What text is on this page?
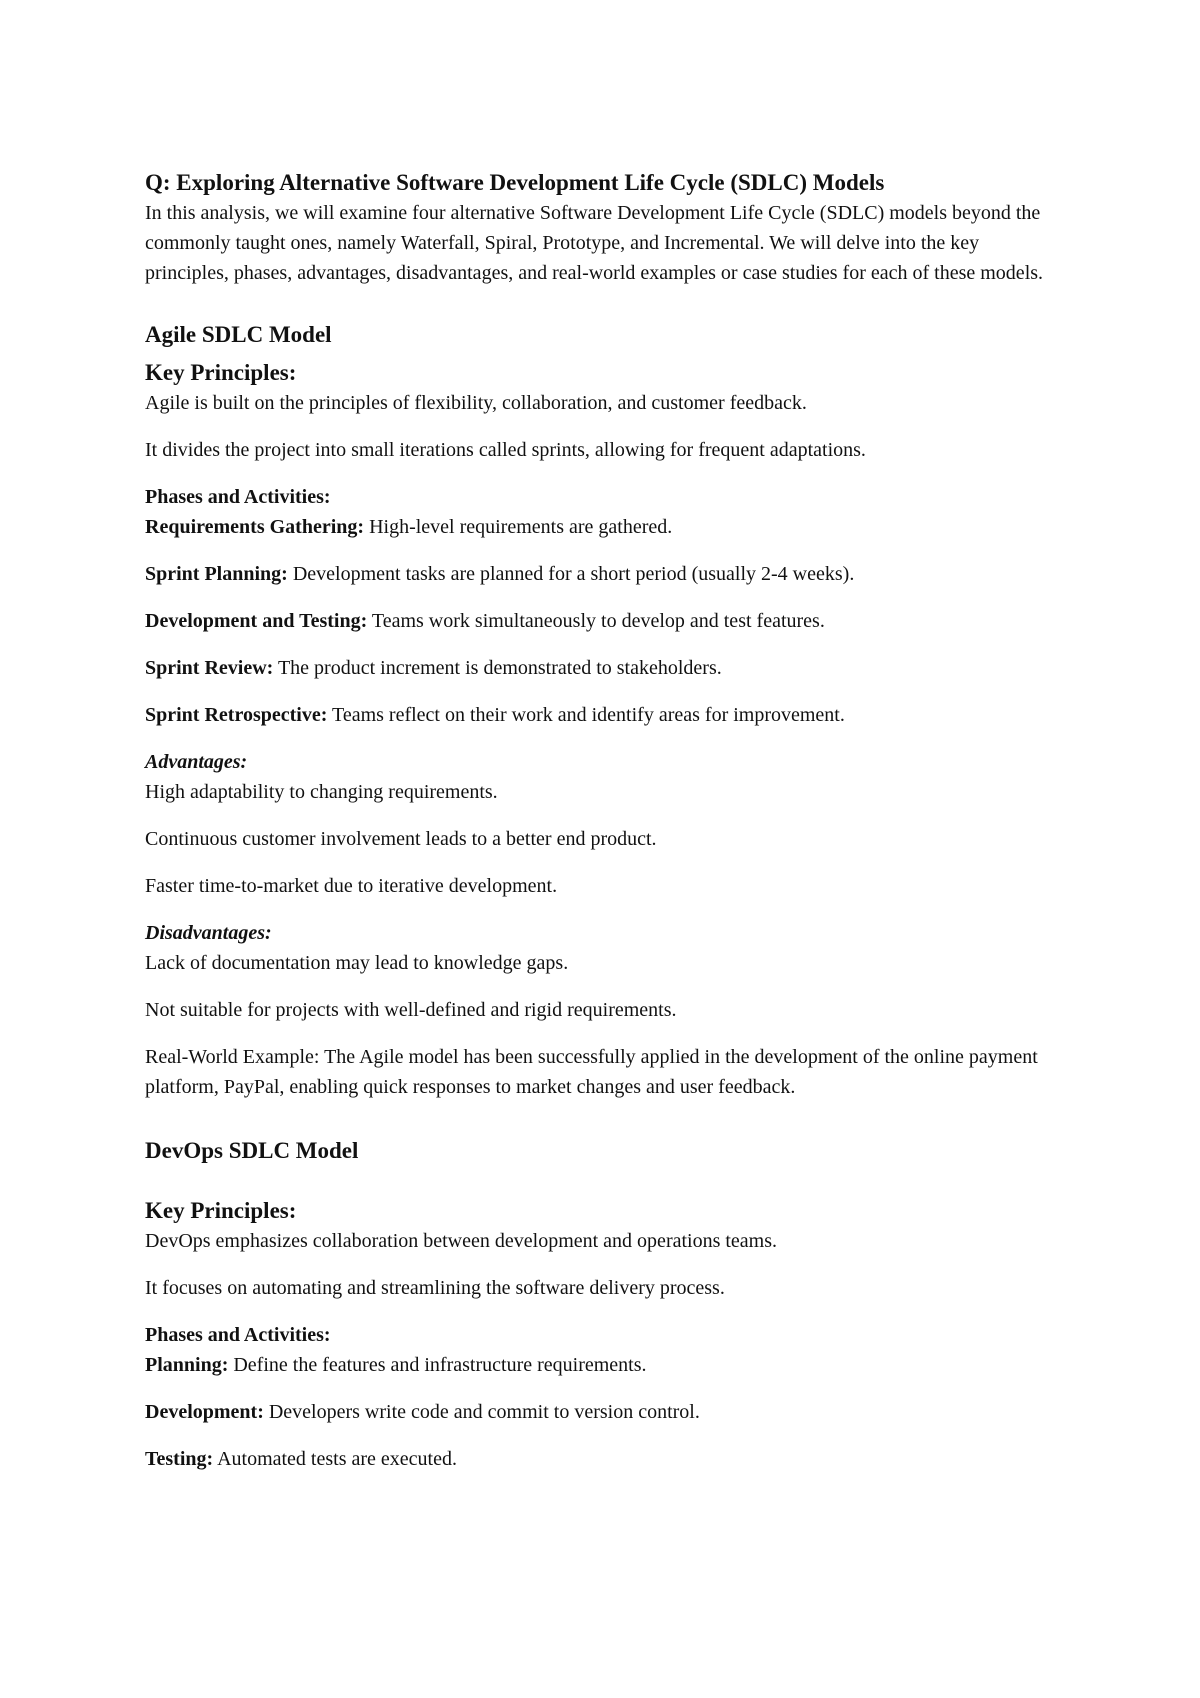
Q: Exploring Alternative Software Development Life Cycle (SDLC) Models

In this analysis, we will examine four alternative Software Development Life Cycle (SDLC) models beyond the commonly taught ones, namely Waterfall, Spiral, Prototype, and Incremental. We will delve into the key principles, phases, advantages, disadvantages, and real-world examples or case studies for each of these models.

Agile SDLC Model

Key Principles:

Agile is built on the principles of flexibility, collaboration, and customer feedback.

It divides the project into small iterations called sprints, allowing for frequent adaptations.

Phases and Activities:

Requirements Gathering: High-level requirements are gathered.

Sprint Planning: Development tasks are planned for a short period (usually 2-4 weeks).

Development and Testing: Teams work simultaneously to develop and test features.

Sprint Review: The product increment is demonstrated to stakeholders.

Sprint Retrospective: Teams reflect on their work and identify areas for improvement.

Advantages:

High adaptability to changing requirements.

Continuous customer involvement leads to a better end product.

Faster time-to-market due to iterative development.

Disadvantages:

Lack of documentation may lead to knowledge gaps.

Not suitable for projects with well-defined and rigid requirements.

Real-World Example: The Agile model has been successfully applied in the development of the online payment platform, PayPal, enabling quick responses to market changes and user feedback.

DevOps SDLC Model

Key Principles:

DevOps emphasizes collaboration between development and operations teams.

It focuses on automating and streamlining the software delivery process.

Phases and Activities:

Planning: Define the features and infrastructure requirements.

Development: Developers write code and commit to version control.

Testing: Automated tests are executed.
